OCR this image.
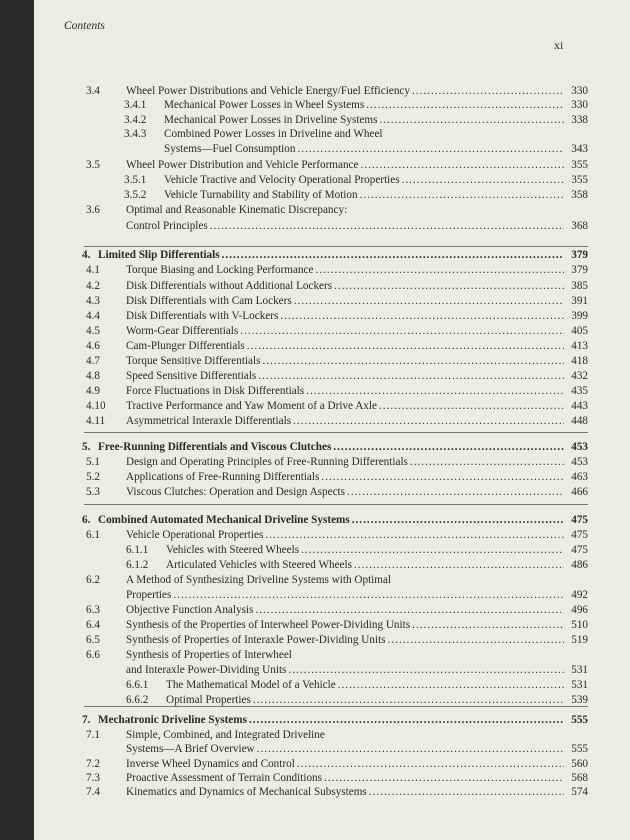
Contents
xi
3.4	Wheel Power Distributions and Vehicle Energy/Fuel Efficiency .....	330
3.4.1	Mechanical Power Losses in Wheel Systems .....	330
3.4.2	Mechanical Power Losses in Driveline Systems .....	338
3.4.3	Combined Power Losses in Driveline and Wheel
Systems—Fuel Consumption .....	343
3.5	Wheel Power Distribution and Vehicle Performance .....	355
3.5.1	Vehicle Tractive and Velocity Operational Properties .....	355
3.5.2	Vehicle Turnability and Stability of Motion .....	358
3.6	Optimal and Reasonable Kinematic Discrepancy:
Control Principles .....	368
4. Limited Slip Differentials .....	379
4.1	Torque Biasing and Locking Performance .....	379
4.2	Disk Differentials without Additional Lockers .....	385
4.3	Disk Differentials with Cam Lockers .....	391
4.4	Disk Differentials with V-Lockers .....	399
4.5	Worm-Gear Differentials .....	405
4.6	Cam-Plunger Differentials .....	413
4.7	Torque Sensitive Differentials .....	418
4.8	Speed Sensitive Differentials .....	432
4.9	Force Fluctuations in Disk Differentials .....	435
4.10	Tractive Performance and Yaw Moment of a Drive Axle .....	443
4.11	Asymmetrical Interaxle Differentials .....	448
5. Free-Running Differentials and Viscous Clutches .....	453
5.1	Design and Operating Principles of Free-Running Differentials .....	453
5.2	Applications of Free-Running Differentials .....	463
5.3	Viscous Clutches: Operation and Design Aspects .....	466
6. Combined Automated Mechanical Driveline Systems .....	475
6.1	Vehicle Operational Properties .....	475
6.1.1	Vehicles with Steered Wheels .....	475
6.1.2	Articulated Vehicles with Steered Wheels .....	486
6.2	A Method of Synthesizing Driveline Systems with Optimal
Properties .....	492
6.3	Objective Function Analysis .....	496
6.4	Synthesis of the Properties of Interwheel Power-Dividing Units .....	510
6.5	Synthesis of Properties of Interaxle Power-Dividing Units .....	519
6.6	Synthesis of Properties of Interwheel
and Interaxle Power-Dividing Units .....	531
6.6.1	The Mathematical Model of a Vehicle .....	531
6.6.2	Optimal Properties .....	539
7. Mechatronic Driveline Systems .....	555
7.1	Simple, Combined, and Integrated Driveline
Systems—A Brief Overview .....	555
7.2	Inverse Wheel Dynamics and Control .....	560
7.3	Proactive Assessment of Terrain Conditions .....	568
7.4	Kinematics and Dynamics of Mechanical Subsystems .....	574
